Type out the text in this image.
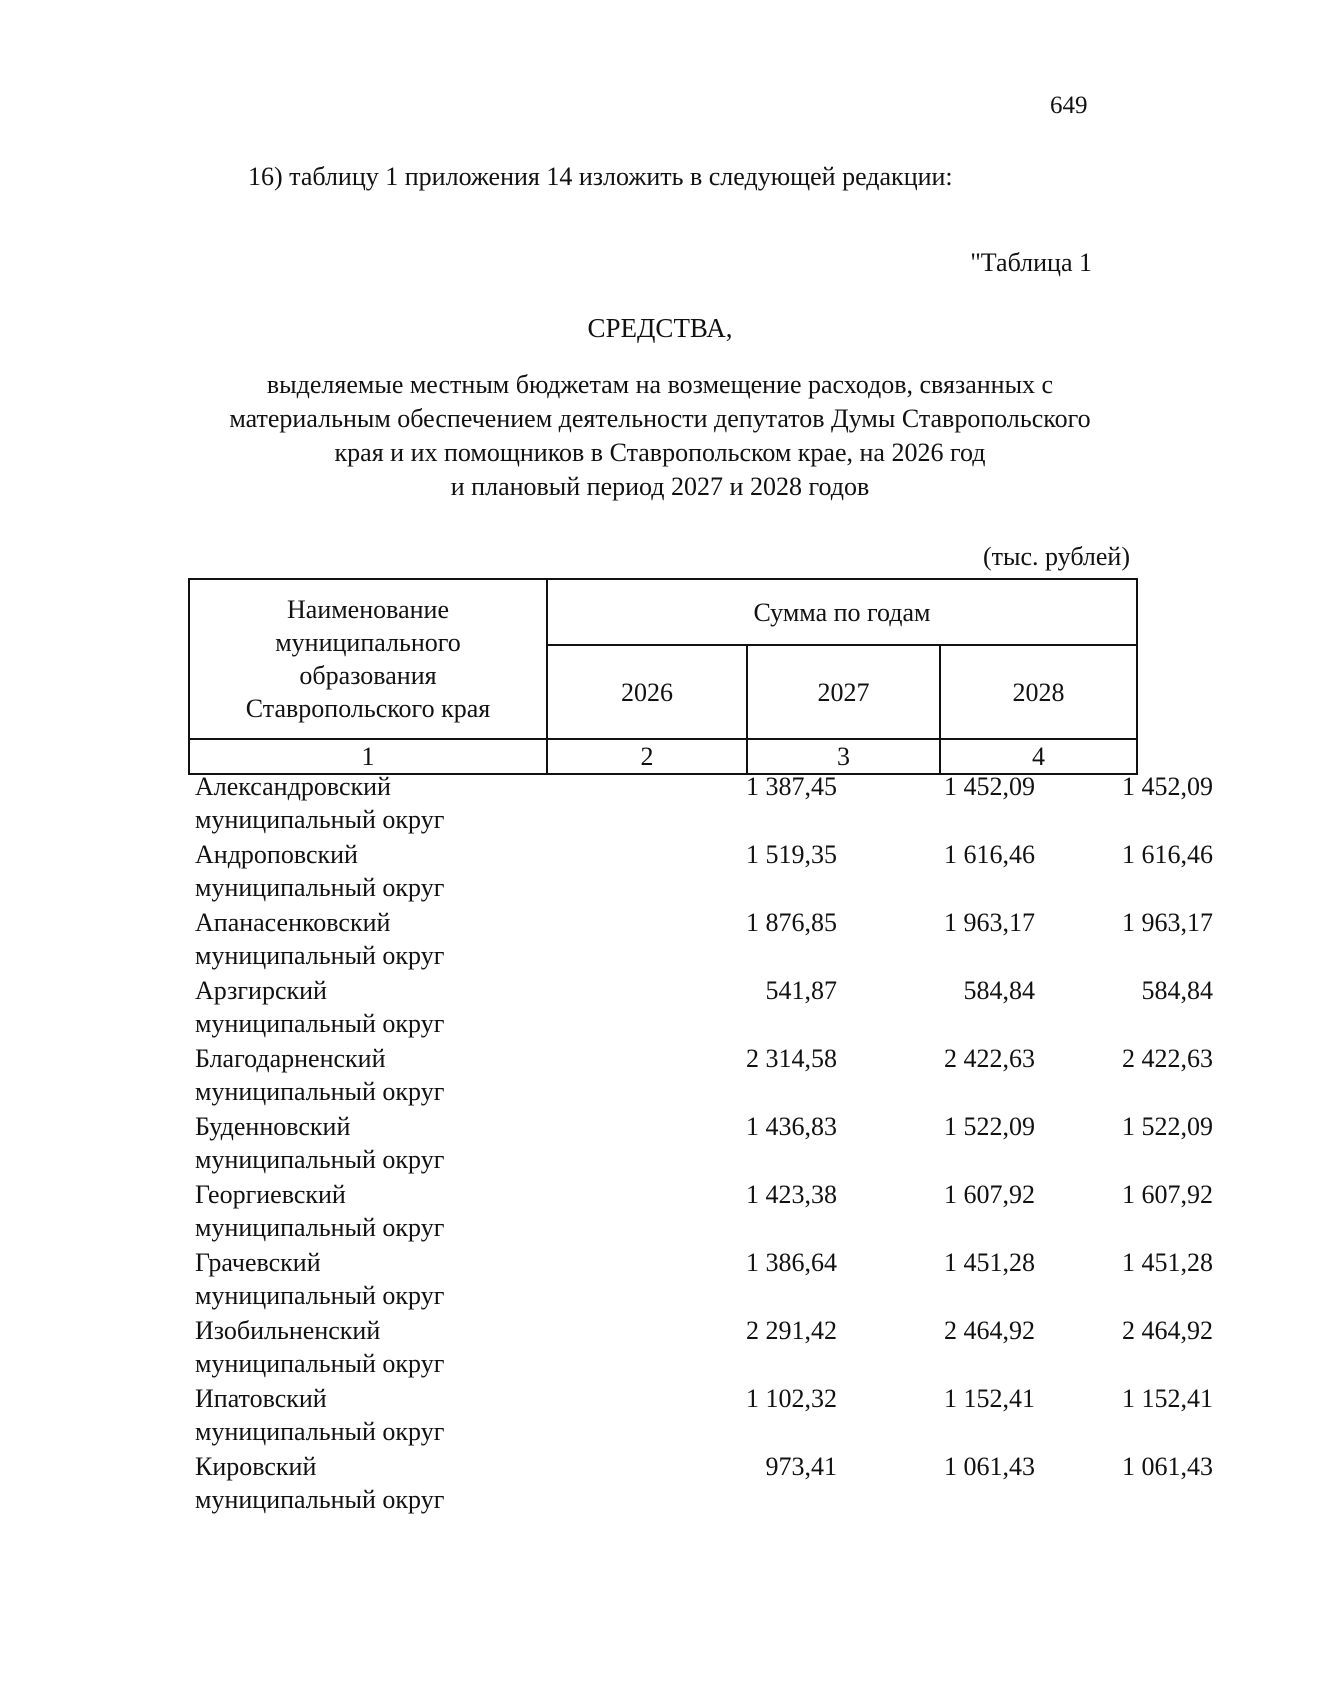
649
16) таблицу 1 приложения 14 изложить в следующей редакции:
"Таблица 1
СРЕДСТВА,
выделяемые местным бюджетам на возмещение расходов, связанных с
материальным обеспечением деятельности депутатов Думы Ставропольского
края и их помощников в Ставропольском крае, на 2026 год
и плановый период 2027 и 2028 годов
(тыс. рублей)
Наименование
муниципального
образования
Ставропольского края	Сумма по годам		
	2026	2027	2028
1	2	3	4
Александровский
муниципальный округ
1 387,45	1 452,09	1 452,09
Андроповский
муниципальный округ
1 519,35	1 616,46	1 616,46
Апанасенковский
муниципальный округ
1 876,85	1 963,17	1 963,17
Арзгирский
муниципальный округ
541,87	584,84	584,84
Благодарненский
муниципальный округ
2 314,58	2 422,63	2 422,63
Буденновский
муниципальный округ
1 436,83	1 522,09	1 522,09
Георгиевский
муниципальный округ
1 423,38	1 607,92	1 607,92
Грачевский
муниципальный округ
1 386,64	1 451,28	1 451,28
Изобильненский
муниципальный округ
2 291,42	2 464,92	2 464,92
Ипатовский
муниципальный округ
1 102,32	1 152,41	1 152,41
Кировский
муниципальный округ
973,41	1 061,43	1 061,43
